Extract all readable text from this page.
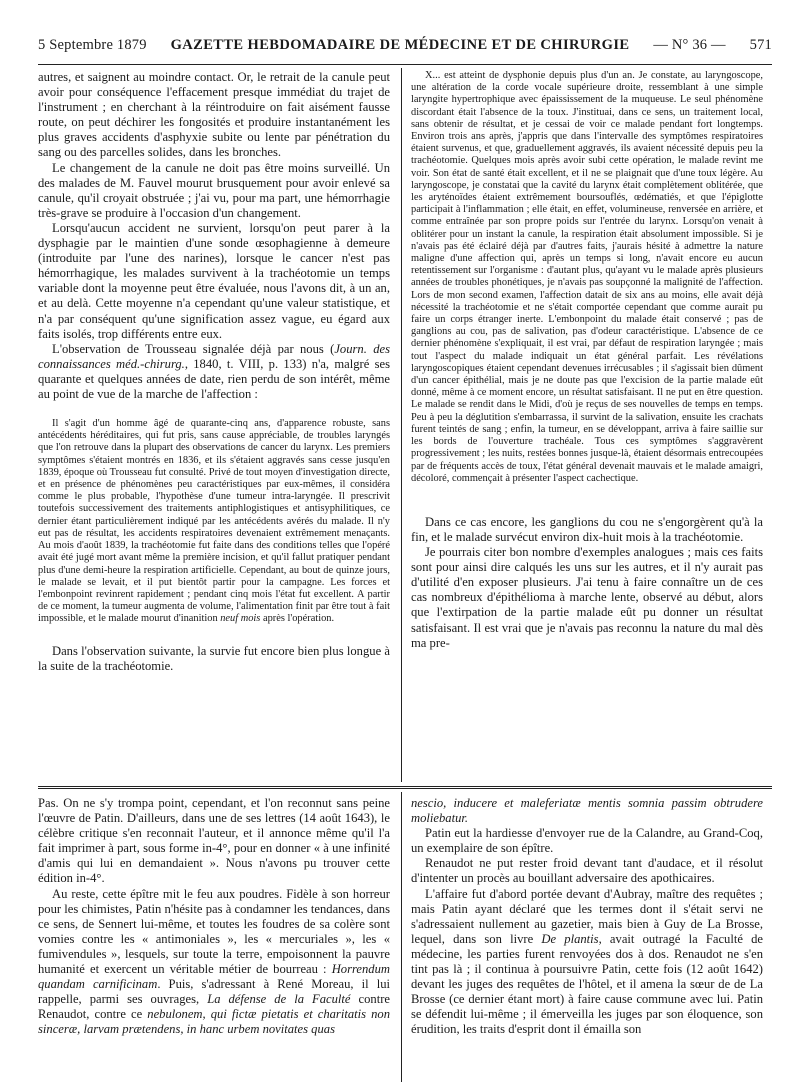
5 Septembre 1879 GAZETTE HEBDOMADAIRE DE MÉDECINE ET DE CHIRURGIE — N° 36 — 571

autres, et saignent au moindre contact. Or, le retrait de la canule peut avoir pour conséquence l'effacement presque immédiat du trajet de l'instrument ; en cherchant à la réintroduire on fait aisément fausse route, on peut déchirer les fongosités et produire instantanément les plus graves accidents d'asphyxie subite ou lente par pénétration du sang ou des parcelles solides, dans les bronches.

Le changement de la canule ne doit pas être moins surveillé. Un des malades de M. Fauvel mourut brusquement pour avoir enlevé sa canule, qu'il croyait obstruée ; j'ai vu, pour ma part, une hémorrhagie très-grave se produire à l'occasion d'un changement.

Lorsqu'aucun accident ne survient, lorsqu'on peut parer à la dysphagie par le maintien d'une sonde œsophagienne à demeure (introduite par l'une des narines), lorsque le cancer n'est pas hémorrhagique, les malades survivent à la trachéotomie un temps variable dont la moyenne peut être évaluée, nous l'avons dit, à un an, et au delà. Cette moyenne n'a cependant qu'une valeur statistique, et n'a par conséquent qu'une signification assez vague, eu égard aux faits isolés, trop différents entre eux.

L'observation de Trousseau signalée déjà par nous (Journ. des connaissances méd.-chirurg., 1840, t. VIII, p. 133) n'a, malgré ses quarante et quelques années de date, rien perdu de son intérêt, même au point de vue de la marche de l'affection :

Il s'agit d'un homme âgé de quarante-cinq ans, d'apparence robuste, sans antécédents héréditaires, qui fut pris, sans cause appréciable, de troubles laryngés que l'on retrouve dans la plupart des observations de cancer du larynx. Les premiers symptômes s'étaient montrés en 1836, et ils s'étaient aggravés sans cesse jusqu'en 1839, époque où Trousseau fut consulté. Privé de tout moyen d'investigation directe, et en présence de phénomènes peu caractéristiques par eux-mêmes, il considéra comme le plus probable, l'hypothèse d'une tumeur intra-laryngée. Il prescrivit toutefois successivement des traitements antiphlogistiques et antisyphilitiques, ce dernier étant particulièrement indiqué par les antécédents avérés du malade. Il n'y eut pas de résultat, les accidents respiratoires devenaient extrêmement menaçants. Au mois d'août 1839, la trachéotomie fut faite dans des conditions telles que l'opéré avait été jugé mort avant même la première incision, et qu'il fallut pratiquer pendant plus d'une demi-heure la respiration artificielle. Cependant, au bout de quinze jours, le malade se levait, et il put bientôt partir pour la campagne. Les forces et l'embonpoint revinrent rapidement ; pendant cinq mois l'état fut excellent. A partir de ce moment, la tumeur augmenta de volume, l'alimentation finit par être tout à fait impossible, et le malade mourut d'inanition neuf mois après l'opération.

Dans l'observation suivante, la survie fut encore bien plus longue à la suite de la trachéotomie.

X... est atteint de dysphonie depuis plus d'un an. Je constate, au laryngoscope, une altération de la corde vocale supérieure droite, ressemblant à une simple laryngite hypertrophique avec épaississement de la muqueuse. Le seul phénomène discordant était l'absence de la toux. J'instituai, dans ce sens, un traitement local, sans obtenir de résultat, et je cessai de voir ce malade pendant fort longtemps. Environ trois ans après, j'appris que dans l'intervalle des symptômes respiratoires étaient survenus, et que, graduellement aggravés, ils avaient nécessité depuis peu la trachéotomie. Quelques mois après avoir subi cette opération, le malade revint me voir. Son état de santé était excellent, et il ne se plaignait que d'une toux légère. Au laryngoscope, je constatai que la cavité du larynx était complètement oblitérée, que les aryténoïdes étaient extrêmement boursouflés, œdématiés, et que l'épiglotte participait à l'inflammation ; elle était, en effet, volumineuse, renversée en arrière, et comme entraînée par son propre poids sur l'entrée du larynx. Lorsqu'on venait à oblitérer pour un instant la canule, la respiration était absolument impossible. Si je n'avais pas été éclairé déjà par d'autres faits, j'aurais hésité à admettre la nature maligne d'une affection qui, après un temps si long, n'avait encore eu aucun retentissement sur l'organisme : d'autant plus, qu'ayant vu le malade après plusieurs années de troubles phonétiques, je n'avais pas soupçonné la malignité de l'affection. Lors de mon second examen, l'affection datait de six ans au moins, elle avait déjà nécessité la trachéotomie et ne s'était comportée cependant que comme aurait pu faire un corps étranger inerte. L'embonpoint du malade était conservé ; pas de ganglions au cou, pas de salivation, pas d'odeur caractéristique. L'absence de ce dernier phénomène s'expliquait, il est vrai, par défaut de respiration laryngée ; mais tout l'aspect du malade indiquait un état général parfait. Les révélations laryngoscopiques étaient cependant devenues irrécusables ; il s'agissait bien dûment d'un cancer épithélial, mais je ne doute pas que l'excision de la partie malade eût donné, même à ce moment encore, un résultat satisfaisant. Il ne put en être question. Le malade se rendit dans le Midi, d'où je reçus de ses nouvelles de temps en temps. Peu à peu la déglutition s'embarrassa, il survint de la salivation, ensuite les crachats furent teintés de sang ; enfin, la tumeur, en se développant, arriva à faire saillie sur les bords de l'ouverture trachéale. Tous ces symptômes s'aggravèrent progressivement ; les nuits, restées bonnes jusque-là, étaient désormais entrecoupées par de fréquents accès de toux, l'état général devenait mauvais et le malade amaigri, décoloré, commençait à présenter l'aspect cachectique.

Dans ce cas encore, les ganglions du cou ne s'engorgèrent qu'à la fin, et le malade survécut environ dix-huit mois à la trachéotomie.

Je pourrais citer bon nombre d'exemples analogues ; mais ces faits sont pour ainsi dire calqués les uns sur les autres, et il n'y aurait pas d'utilité d'en exposer plusieurs. J'ai tenu à faire connaître un de ces cas nombreux d'épithélioma à marche lente, observé au début, alors que l'extirpation de la partie malade eût pu donner un résultat satisfaisant. Il est vrai que je n'avais pas reconnu la nature du mal dès ma pre-

Pas. On ne s'y trompa point, cependant, et l'on reconnut sans peine l'œuvre de Patin. D'ailleurs, dans une de ses lettres (14 août 1643), le célèbre critique s'en reconnait l'auteur, et il annonce même qu'il l'a fait imprimer à part, sous forme in-4°, pour en donner « à une infinité d'amis qui lui en demandaient ». Nous n'avons pu trouver cette édition in-4°.

Au reste, cette épître mit le feu aux poudres. Fidèle à son horreur pour les chimistes, Patin n'hésite pas à condamner les tendances, dans ce sens, de Sennert lui-même, et toutes les foudres de sa colère sont vomies contre les « antimoniales », les « mercuriales », les « fumivendules », lesquels, sur toute la terre, empoisonnent la pauvre humanité et exercent un véritable métier de bourreau : Horrendum quandam carnificinam. Puis, s'adressant à René Moreau, il lui rappelle, parmi ses ouvrages, La défense de la Faculté contre Renaudot, contre ce nebulonem, qui fictæ pietatis et charitatis non sinceræ, larvam prætendens, in hanc urbem novitates quas

nescio, inducere et maleferiatæ mentis somnia passim obtrudere moliebatur.

Patin eut la hardiesse d'envoyer rue de la Calandre, au Grand-Coq, un exemplaire de son épître.

Renaudot ne put rester froid devant tant d'audace, et il résolut d'intenter un procès au bouillant adversaire des apothicaires.

L'affaire fut d'abord portée devant d'Aubray, maître des requêtes ; mais Patin ayant déclaré que les termes dont il s'était servi ne s'adressaient nullement au gazetier, mais bien à Guy de La Brosse, lequel, dans son livre De plantis, avait outragé la Faculté de médecine, les parties furent renvoyées dos à dos. Renaudot ne s'en tint pas là ; il continua à poursuivre Patin, cette fois (12 août 1642) devant les juges des requêtes de l'hôtel, et il amena la sœur de de La Brosse (ce dernier étant mort) à faire cause commune avec lui. Patin se défendit lui-même ; il émerveilla les juges par son éloquence, son érudition, les traits d'esprit dont il émailla son
